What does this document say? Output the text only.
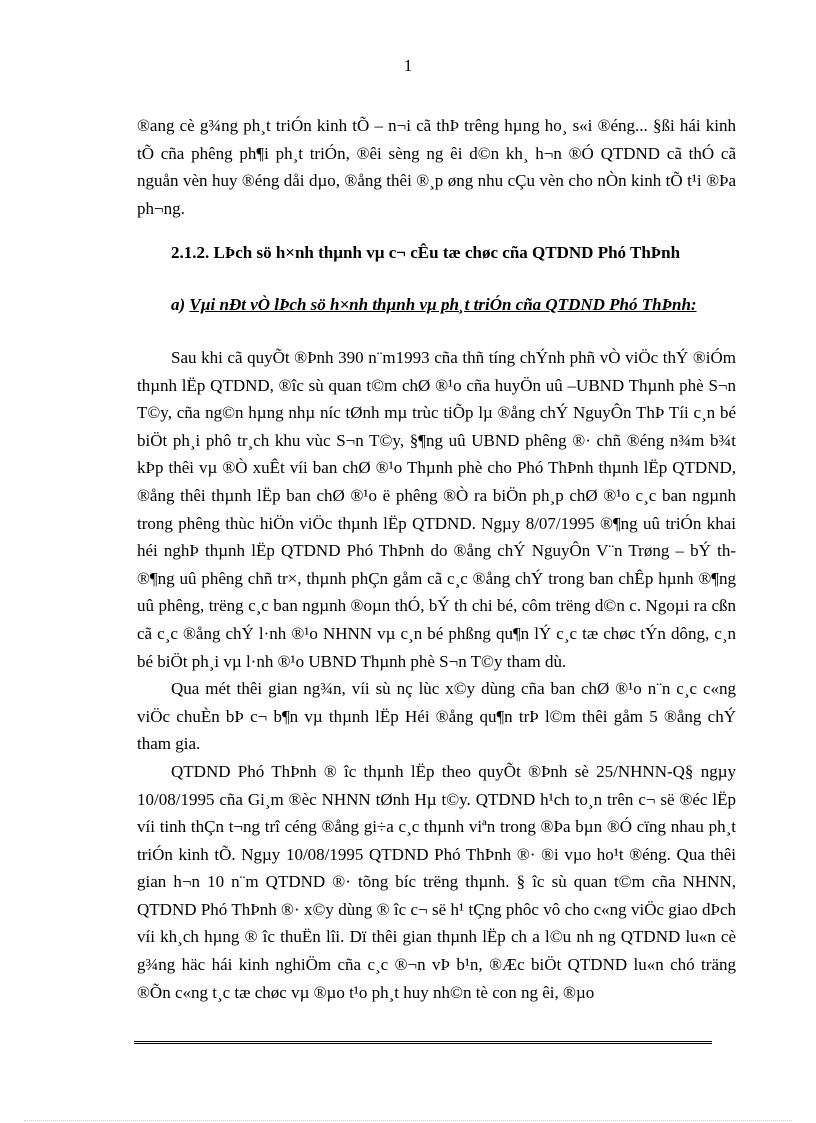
1

®ang cè g¾ng ph¸t triÓn kinh tÕ – n¬i cã thÞ trêng hµng ho¸ s«i ®éng... §ßi hái kinh tÕ cña phêng ph¶i ph¸t triÓn, ®êi sèng ng êi d©n kh¸ h¬n ®Ó QTDND cã thÓ cã nguån vèn huy ®éng dåi dµo, ®ång thêi ®¸p øng nhu cÇu vèn cho nÒn kinh tÕ t¹i ®Þa ph¬ng.

2.1.2. LÞch sö h×nh thµnh vµ c¬ cÊu tæ chøc cña QTDND Phó ThÞnh

a) Vµi nÐt vÒ lÞch sö h×nh thµnh vµ ph¸t triÓn cña QTDND Phó ThÞnh:

Sau khi cã quyÕt ®Þnh 390 n¨m1993 cña thñ tíng chÝnh phñ vÒ viÖc thÝ ®iÓm thµnh lËp QTDND, ®îc sù quan t©m chØ ®¹o cña huyÖn uû –UBND Thµnh phè S¬n T©y, cña ng©n hµng nhµ níc tØnh mµ trùc tiÕp lµ ®ång chÝ NguyÔn ThÞ Tíi c¸n bé biÖt ph¸i phô tr¸ch khu vùc S¬n T©y, §¶ng uû UBND phêng ®· chñ ®éng n¾m b¾t kÞp thêi vµ ®Ò xuÊt víi ban chØ ®¹o Thµnh phè cho Phó ThÞnh thµnh lËp QTDND, ®ång thêi thµnh lËp ban chØ ®¹o ë phêng ®Ò ra biÖn ph¸p chØ ®¹o c¸c ban ngµnh trong phêng thùc hiÖn viÖc thµnh lËp QTDND. Ngµy 8/07/1995 ®¶ng uû triÓn khai héi nghÞ thµnh lËp QTDND Phó ThÞnh do ®ång chÝ NguyÔn V¨n Trøng – bÝ th ®¶ng uû phêng chñ tr×, thµnh phÇn gåm cã c¸c ®ång chÝ trong ban chÊp hµnh ®¶ng uû phêng, trëng c¸c ban ngµnh ®oµn thÓ, bÝ th chi bé, côm trëng d©n c. Ngoµi ra cßn cã c¸c ®ång chÝ l·nh ®¹o NHNN vµ c¸n bé phßng qu¶n lÝ c¸c tæ chøc tÝn dông, c¸n bé biÖt ph¸i vµ l·nh ®¹o UBND Thµnh phè S¬n T©y tham dù.

Qua mét thêi gian ng¾n, víi sù nç lùc x©y dùng cña ban chØ ®¹o n¨n c¸c c«ng viÖc chuÈn bÞ c¬ b¶n vµ thµnh lËp Héi ®ång qu¶n trÞ l©m thêi gåm 5 ®ång chÝ tham gia.

QTDND Phó ThÞnh ® îc thµnh lËp theo quyÕt ®Þnh sè 25/NHNN-Q§ ngµy 10/08/1995 cña Gi¸m ®èc NHNN tØnh Hµ t©y. QTDND h¹ch to¸n trên c¬ së ®éc lËp víi tinh thÇn t¬ng trî céng ®ång gi÷a c¸c thµnh viªn trong ®Þa bµn ®Ó cïng nhau ph¸t triÓn kinh tÕ. Ngµy 10/08/1995 QTDND Phó ThÞnh ®· ®i vµo ho¹t ®éng. Qua thêi gian h¬n 10 n¨m QTDND ®· tõng bíc trëng thµnh. § îc sù quan t©m cña NHNN, QTDND Phó ThÞnh ®· x©y dùng ® îc c¬ së h¹ tÇng phôc vô cho c«ng viÖc giao dÞch víi kh¸ch hµng ® îc thuËn lîi. Dï thêi gian thµnh lËp ch a l©u nh ng QTDND lu«n cè g¾ng häc hái kinh nghiÖm cña c¸c ®¬n vÞ b¹n, ®Æc biÖt QTDND lu«n chó träng ®Õn c«ng t¸c tæ chøc vµ ®µo t¹o ph¸t huy nh©n tè con ng êi, ®µo
